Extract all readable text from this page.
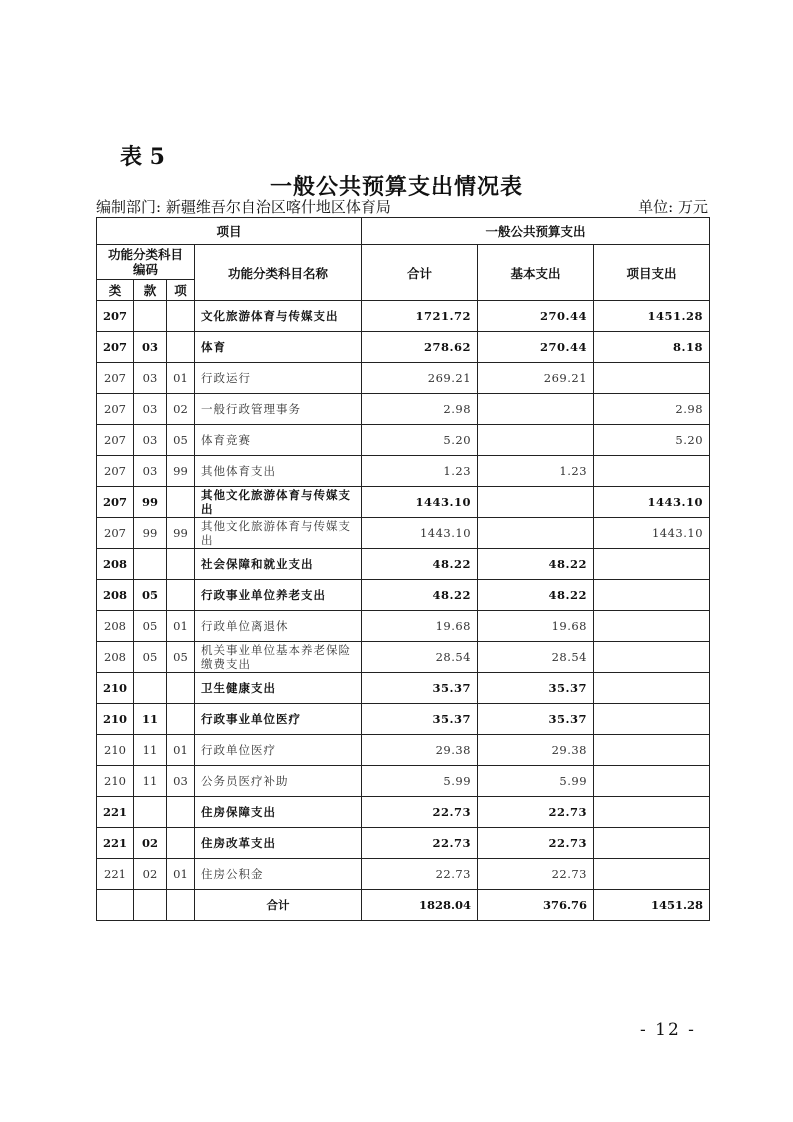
表 5
一般公共预算支出情况表
编制部门: 新疆维吾尔自治区喀什地区体育局	单位: 万元
项目				一般公共预算支出		
功能分类科目编码			功能分类科目名称	合计	基本支出	项目支出
类	款	项				
207			文化旅游体育与传媒支出	1721.72	270.44	1451.28
207	03		体育	278.62	270.44	8.18
207	03	01	行政运行	269.21	269.21	
207	03	02	一般行政管理事务	2.98		2.98
207	03	05	体育竞赛	5.20		5.20
207	03	99	其他体育支出	1.23	1.23	
207	99		其他文化旅游体育与传媒支出	1443.10		1443.10
207	99	99	其他文化旅游体育与传媒支出	1443.10		1443.10
208			社会保障和就业支出	48.22	48.22	
208	05		行政事业单位养老支出	48.22	48.22	
208	05	01	行政单位离退休	19.68	19.68	
208	05	05	机关事业单位基本养老保险缴费支出	28.54	28.54	
210			卫生健康支出	35.37	35.37	
210	11		行政事业单位医疗	35.37	35.37	
210	11	01	行政单位医疗	29.38	29.38	
210	11	03	公务员医疗补助	5.99	5.99	
221			住房保障支出	22.73	22.73	
221	02		住房改革支出	22.73	22.73	
221	02	01	住房公积金	22.73	22.73	
			合计	1828.04	376.76	1451.28
- 12 -
